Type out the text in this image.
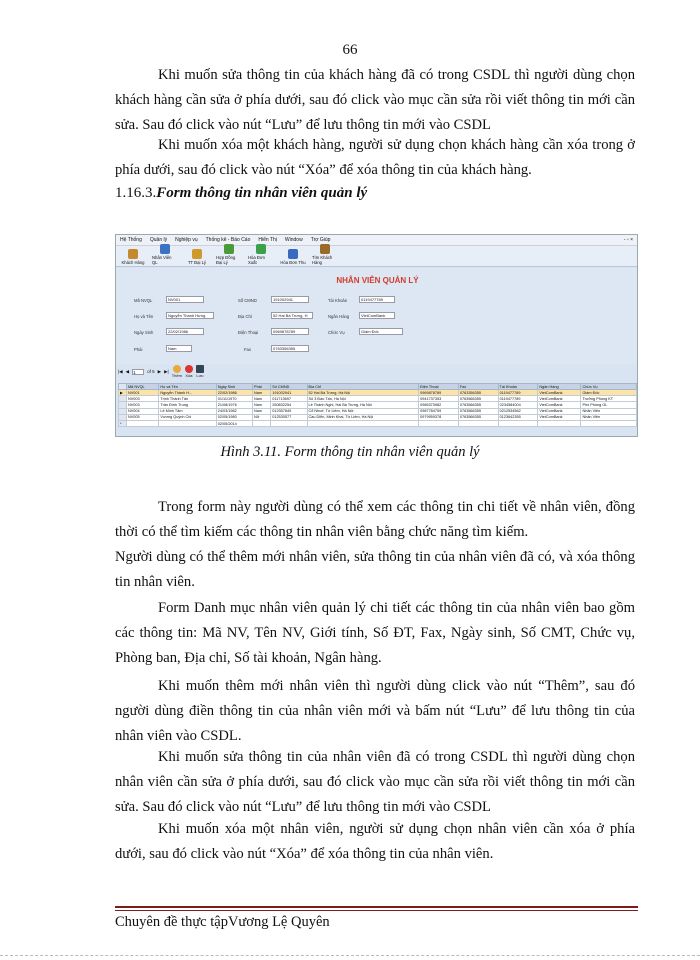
66

Khi muốn sửa thông tin của khách hàng đã có trong CSDL thì người dùng chọn khách hàng cần sửa ở phía dưới, sau đó click vào mục cần sửa rồi viết thông tin mới cần sửa. Sau đó click vào nút “Lưu” để lưu thông tin mới vào CSDL

Khi muốn xóa một khách hàng, người sử dụng chọn khách hàng cần xóa trong ở phía dưới, sau đó click vào nút “Xóa” để xóa thông tin của khách hàng.

1.16.3.Form thông tin nhân viên quản lý
Hệ Thống Quản lý Nghiệp vụ Thống kê - Báo Cáo Hiển Thị Window Trợ Giúp	- ▫ ×
Khách Hàng
Nhân Viên QL	TT Đại Lý
Hợp Đồng Đại Lý
Hóa Đơn Xuất	Hóa Đơn Thu
Tìm Khách Hàng
NHÂN VIÊN QUẢN LÝ
Mã NVQL	NV001
Họ và Tên	Nguyễn Thành Hưng
Ngày Sinh	22/02/1986
Phái	Nam
Số CMND	191002941
Địa Chỉ	52 Hai Bà Trưng, H
Điện Thoại	0969878789
Fax	0763356355
Tài Khoản	0119477789
Ngân Hàng	VietComBank
Chức Vụ	Giám Đốc
|◀ ◀ 1	of 5 ▶ ▶|
Thêm Xóa Lưu
	Mã NVQL	Họ và Tên	Ngày Sinh	Phái	Số CMND	Địa Chỉ	Điện Thoại	Fax	Tài Khoản	Ngân Hàng	Chức Vụ
▶	NV001	Nguyễn Thành H...	22/02/1986	Nam	191002941	52 Hai Bà Trưng, Hà Nội	0969878789	0763356355	0119477789	VietComBank	Giám Đốc
	NV003	Trịnh Thành Tân	01/11/1970	Nam	011713697	Số 3 Đào Tấn, Hà Nội	0941737353	0763566355	0119477789	VietComBank	Trưởng Phòng KT
	NV003	Trần Đình Trung	21/08/1976	Nam	250832254	Lê Thánh Nghi, Hai Bà Trưng, Hà Nội	0985373982	0763566355	0234584004	VietComBank	Phó Phòng GL
	NV004	Lê Minh Tâm	24/03/1982	Nam	012357849	Cổ Nhuế, Từ Liêm, Hà Nội	0987784759	0763566355	0212534562	VietComBank	Nhân Viên
	NV005	Vương Quỳnh Chi	02/05/1980	Nữ	012530577	Cầu Diễn, Minh Khai, Từ Liêm, Hà Nội	0979959378	0763566355	0123642355	VietComBank	Nhân Viên
*			02/05/2014								
Hình 3.11. Form thông tin nhân viên quản lý

Trong form này người dùng có thể xem các thông tin chi tiết về nhân viên, đồng thời có thể tìm kiếm các thông tin nhân viên bằng chức năng tìm kiếm.

Người dùng có thể thêm mới nhân viên, sửa thông tin của nhân viên đã có, và xóa thông tin nhân viên.

Form Danh mục nhân viên quản lý chi tiết các thông tin của nhân viên bao gồm các thông tin: Mã NV, Tên NV, Giới tính, Số ĐT, Fax, Ngày sinh, Số CMT, Chức vụ, Phòng ban, Địa chỉ, Số tài khoản, Ngân hàng.

Khi muốn thêm mới nhân viên thì người dùng click vào nút “Thêm”, sau đó người dùng điền thông tin của nhân viên mới và bấm nút “Lưu” để lưu thông tin của nhân viên vào CSDL.

Khi muốn sửa thông tin của nhân viên đã có trong CSDL thì người dùng chọn nhân viên cần sửa ở phía dưới, sau đó click vào mục cần sửa rồi viết thông tin mới cần sửa. Sau đó click vào nút “Lưu” để lưu thông tin mới vào CSDL

Khi muốn xóa một nhân viên, người sử dụng chọn nhân viên cần xóa ở phía dưới, sau đó click vào nút “Xóa” để xóa thông tin của nhân viên.

Chuyên đề thực tậpVương Lệ Quyên
